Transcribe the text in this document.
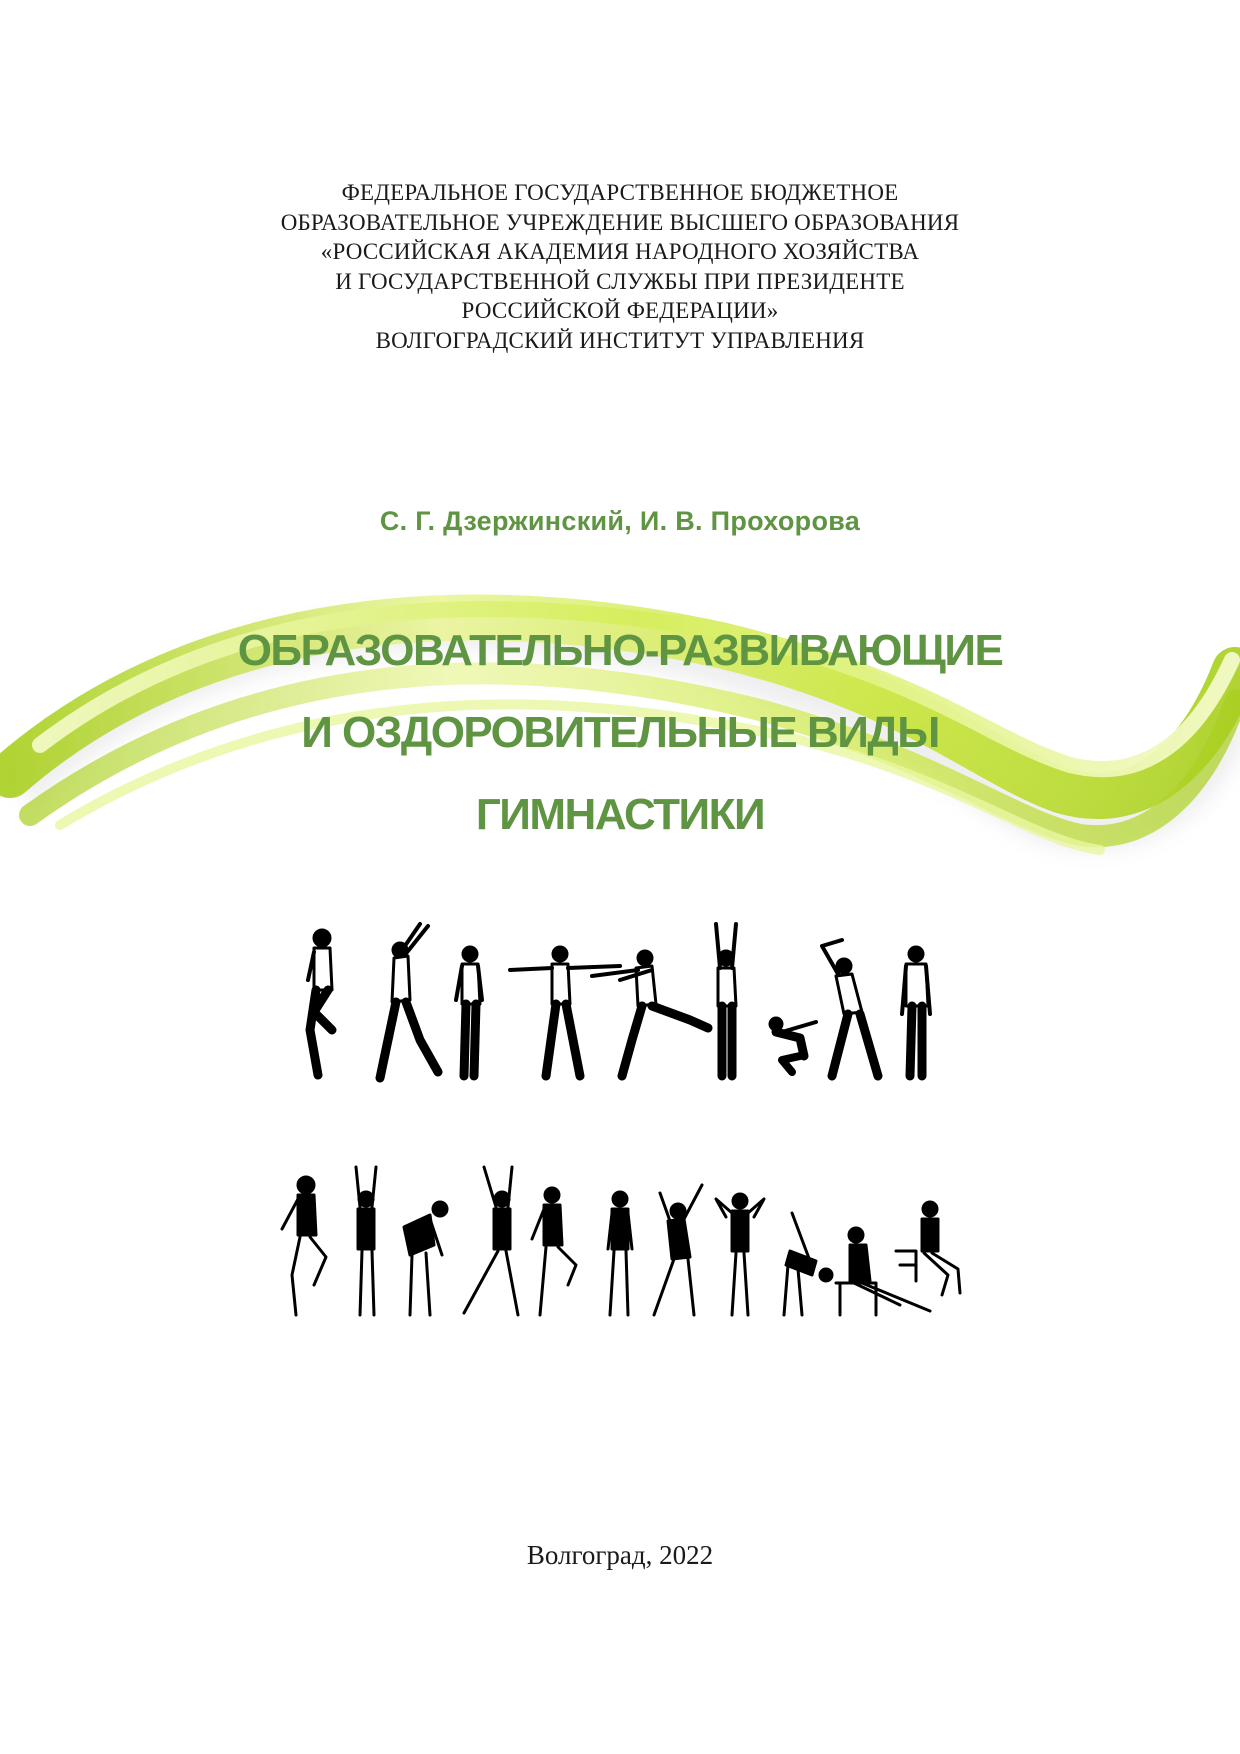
ФЕДЕРАЛЬНОЕ ГОСУДАРСТВЕННОЕ БЮДЖЕТНОЕ
ОБРАЗОВАТЕЛЬНОЕ УЧРЕЖДЕНИЕ ВЫСШЕГО ОБРАЗОВАНИЯ
«РОССИЙСКАЯ АКАДЕМИЯ НАРОДНОГО ХОЗЯЙСТВА
И ГОСУДАРСТВЕННОЙ СЛУЖБЫ ПРИ ПРЕЗИДЕНТЕ
РОССИЙСКОЙ ФЕДЕРАЦИИ»
ВОЛГОГРАДСКИЙ ИНСТИТУТ УПРАВЛЕНИЯ
С. Г. Дзержинский, И. В. Прохорова
ОБРАЗОВАТЕЛЬНО-РАЗВИВАЮЩИЕ
И ОЗДОРОВИТЕЛЬНЫЕ ВИДЫ
ГИМНАСТИКИ
Волгоград, 2022
